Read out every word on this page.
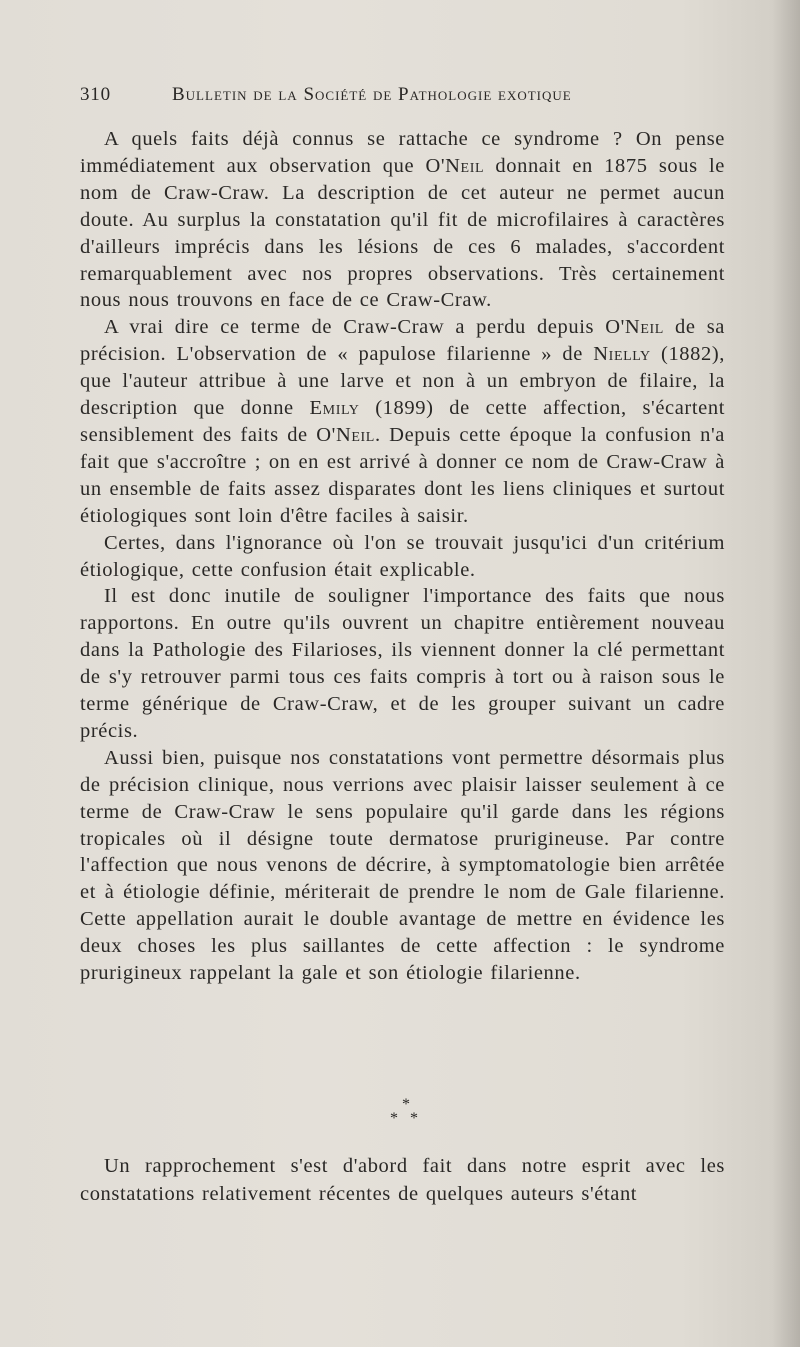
310	Bulletin de la Société de Pathologie exotique

A quels faits déjà connus se rattache ce syndrome ? On pense immédiatement aux observation que O'Neil donnait en 1875 sous le nom de Craw-Craw. La description de cet auteur ne permet aucun doute. Au surplus la constatation qu'il fit de microfilaires à caractères d'ailleurs imprécis dans les lésions de ces 6 malades, s'accordent remarquablement avec nos propres observations. Très certainement nous nous trouvons en face de ce Craw-Craw.

A vrai dire ce terme de Craw-Craw a perdu depuis O'Neil de sa précision. L'observation de « papulose filarienne » de Nielly (1882), que l'auteur attribue à une larve et non à un embryon de filaire, la description que donne Emily (1899) de cette affection, s'écartent sensiblement des faits de O'Neil. Depuis cette époque la confusion n'a fait que s'accroître ; on en est arrivé à donner ce nom de Craw-Craw à un ensemble de faits assez disparates dont les liens cliniques et surtout étiologiques sont loin d'être faciles à saisir.

Certes, dans l'ignorance où l'on se trouvait jusqu'ici d'un critérium étiologique, cette confusion était explicable.

Il est donc inutile de souligner l'importance des faits que nous rapportons. En outre qu'ils ouvrent un chapitre entièrement nouveau dans la Pathologie des Filarioses, ils viennent donner la clé permettant de s'y retrouver parmi tous ces faits compris à tort ou à raison sous le terme générique de Craw-Craw, et de les grouper suivant un cadre précis.

Aussi bien, puisque nos constatations vont permettre désormais plus de précision clinique, nous verrions avec plaisir laisser seulement à ce terme de Craw-Craw le sens populaire qu'il garde dans les régions tropicales où il désigne toute dermatose prurigineuse. Par contre l'affection que nous venons de décrire, à symptomatologie bien arrêtée et à étiologie définie, mériterait de prendre le nom de Gale filarienne. Cette appellation aurait le double avantage de mettre en évidence les deux choses les plus saillantes de cette affection : le syndrome prurigineux rappelant la gale et son étiologie filarienne.

*
* *

Un rapprochement s'est d'abord fait dans notre esprit avec les constatations relativement récentes de quelques auteurs s'étant
